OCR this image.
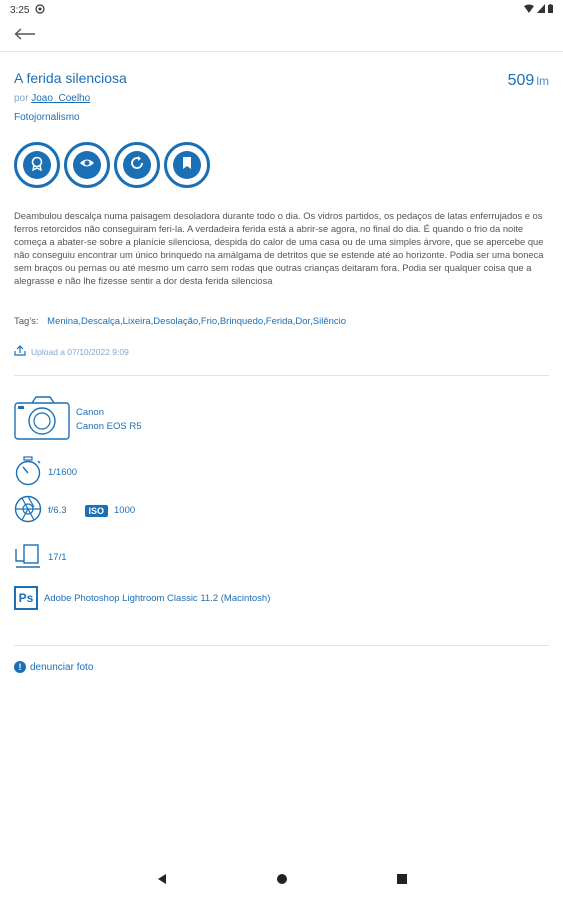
3:25
A ferida silenciosa	509 lm
por Joao_Coelho
Fotojornalismo
Deambulou descalça numa paisagem desoladora durante todo o dia. Os vidros partidos, os pedaços de latas enferrujados e os ferros retorcidos não conseguiram feri-la. A verdadeira ferida está a abrir-se agora, no final do dia. É quando o frio da noite começa a abater-se sobre a planície silenciosa, despida do calor de uma casa ou de uma simples árvore, que se apercebe que não conseguiu encontrar um único brinquedo na amálgama de detritos que se estende até ao horizonte. Podia ser uma boneca sem braços ou pernas ou até mesmo um carro sem rodas que outras crianças deitaram fora. Podia ser qualquer coisa que a alegrasse e não lhe fizesse sentir a dor desta ferida silenciosa
Tag's: Menina,Descalça,Lixeira,Desolação,Frio,Brinquedo,Ferida,Dor,Silêncio
Upload a 07/10/2022 9:09
Canon
Canon EOS R5
1/1600
f/6.3	ISO	1000
17/1
Ps	Adobe Photoshop Lightroom Classic 11.2 (Macintosh)
! denunciar foto
